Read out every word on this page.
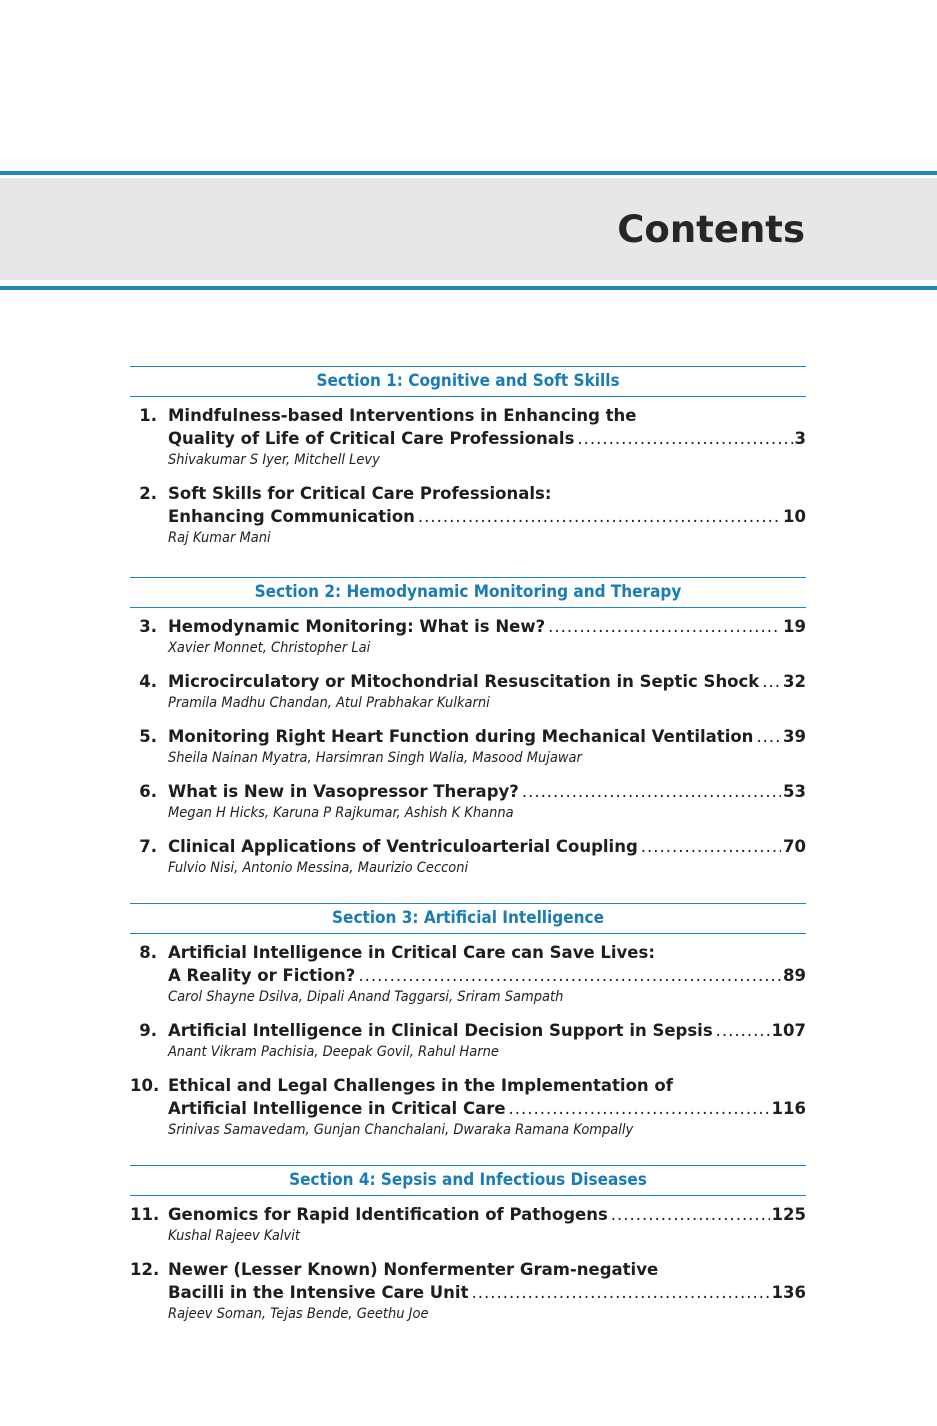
Contents
Section 1: Cognitive and Soft Skills
1. Mindfulness-based Interventions in Enhancing the
Quality of Life of Critical Care Professionals .....	3
Shivakumar S Iyer, Mitchell Levy
2. Soft Skills for Critical Care Professionals:
Enhancing Communication .....	10
Raj Kumar Mani
Section 2: Hemodynamic Monitoring and Therapy
3. Hemodynamic Monitoring: What is New? .....	19
Xavier Monnet, Christopher Lai
4. Microcirculatory or Mitochondrial Resuscitation in Septic Shock ..... 32
Pramila Madhu Chandan, Atul Prabhakar Kulkarni
5. Monitoring Right Heart Function during Mechanical Ventilation ..... 39
Sheila Nainan Myatra, Harsimran Singh Walia, Masood Mujawar
6. What is New in Vasopressor Therapy? .....	53
Megan H Hicks, Karuna P Rajkumar, Ashish K Khanna
7. Clinical Applications of Ventriculoarterial Coupling .....	70
Fulvio Nisi, Antonio Messina, Maurizio Cecconi
Section 3: Artificial Intelligence
8. Artificial Intelligence in Critical Care can Save Lives:
A Reality or Fiction? .....	89
Carol Shayne Dsilva, Dipali Anand Taggarsi, Sriram Sampath
9. Artificial Intelligence in Clinical Decision Support in Sepsis .....	107
Anant Vikram Pachisia, Deepak Govil, Rahul Harne
10. Ethical and Legal Challenges in the Implementation of
Artificial Intelligence in Critical Care .....	116
Srinivas Samavedam, Gunjan Chanchalani, Dwaraka Ramana Kompally
Section 4: Sepsis and Infectious Diseases
11. Genomics for Rapid Identification of Pathogens .....	125
Kushal Rajeev Kalvit
12. Newer (Lesser Known) Nonfermenter Gram-negative
Bacilli in the Intensive Care Unit .....	136
Rajeev Soman, Tejas Bende, Geethu Joe
